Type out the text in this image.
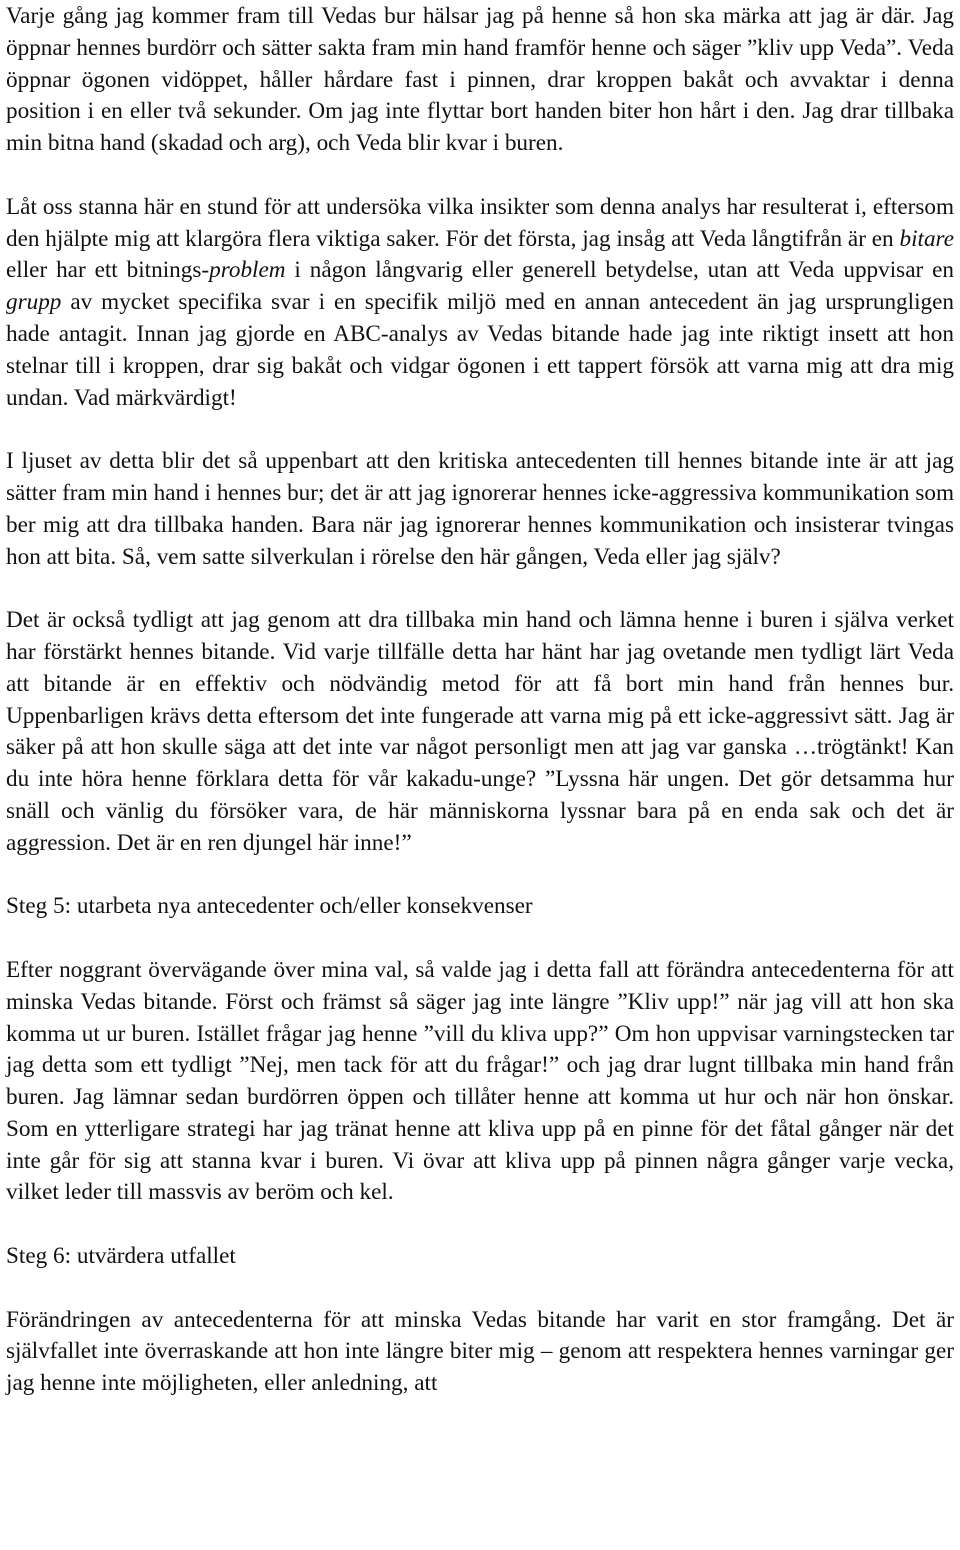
Varje gång jag kommer fram till Vedas bur hälsar jag på henne så hon ska märka att jag är där. Jag öppnar hennes burdörr och sätter sakta fram min hand framför henne och säger ”kliv upp Veda”. Veda öppnar ögonen vidöppet, håller hårdare fast i pinnen, drar kroppen bakåt och avvaktar i denna position i en eller två sekunder. Om jag inte flyttar bort handen biter hon hårt i den. Jag drar tillbaka min bitna hand (skadad och arg), och Veda blir kvar i buren.

Låt oss stanna här en stund för att undersöka vilka insikter som denna analys har resulterat i, eftersom den hjälpte mig att klargöra flera viktiga saker. För det första, jag insåg att Veda långtifrån är en bitare eller har ett bitnings-problem i någon långvarig eller generell betydelse, utan att Veda uppvisar en grupp av mycket specifika svar i en specifik miljö med en annan antecedent än jag ursprungligen hade antagit. Innan jag gjorde en ABC-analys av Vedas bitande hade jag inte riktigt insett att hon stelnar till i kroppen, drar sig bakåt och vidgar ögonen i ett tappert försök att varna mig att dra mig undan. Vad märkvärdigt!

I ljuset av detta blir det så uppenbart att den kritiska antecedenten till hennes bitande inte är att jag sätter fram min hand i hennes bur; det är att jag ignorerar hennes icke-aggressiva kommunikation som ber mig att dra tillbaka handen. Bara när jag ignorerar hennes kommunikation och insisterar tvingas hon att bita. Så, vem satte silverkulan i rörelse den här gången, Veda eller jag själv?

Det är också tydligt att jag genom att dra tillbaka min hand och lämna henne i buren i själva verket har förstärkt hennes bitande. Vid varje tillfälle detta har hänt har jag ovetande men tydligt lärt Veda att bitande är en effektiv och nödvändig metod för att få bort min hand från hennes bur. Uppenbarligen krävs detta eftersom det inte fungerade att varna mig på ett icke-aggressivt sätt. Jag är säker på att hon skulle säga att det inte var något personligt men att jag var ganska …trögtänkt! Kan du inte höra henne förklara detta för vår kakadu-unge? ”Lyssna här ungen. Det gör detsamma hur snäll och vänlig du försöker vara, de här människorna lyssnar bara på en enda sak och det är aggression. Det är en ren djungel här inne!”

Steg 5: utarbeta nya antecedenter och/eller konsekvenser

Efter noggrant övervägande över mina val, så valde jag i detta fall att förändra antecedenterna för att minska Vedas bitande. Först och främst så säger jag inte längre ”Kliv upp!” när jag vill att hon ska komma ut ur buren. Istället frågar jag henne ”vill du kliva upp?” Om hon uppvisar varningstecken tar jag detta som ett tydligt ”Nej, men tack för att du frågar!” och jag drar lugnt tillbaka min hand från buren. Jag lämnar sedan burdörren öppen och tillåter henne att komma ut hur och när hon önskar. Som en ytterligare strategi har jag tränat henne att kliva upp på en pinne för det fåtal gånger när det inte går för sig att stanna kvar i buren. Vi övar att kliva upp på pinnen några gånger varje vecka, vilket leder till massvis av beröm och kel.

Steg 6: utvärdera utfallet

Förändringen av antecedenterna för att minska Vedas bitande har varit en stor framgång. Det är självfallet inte överraskande att hon inte längre biter mig – genom att respektera hennes varningar ger jag henne inte möjligheten, eller anledning, att
